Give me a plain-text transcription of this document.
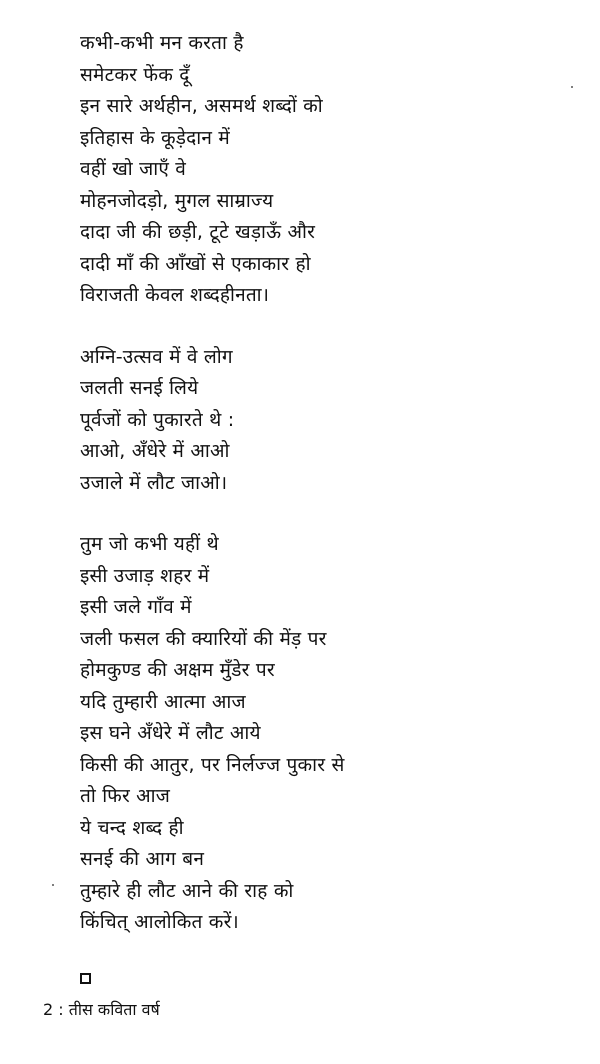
कभी-कभी मन करता है
समेटकर फेंक दूँ
इन सारे अर्थहीन, असमर्थ शब्दों को
इतिहास के कूड़ेदान में
वहीं खो जाएँ वे
मोहनजोदड़ो, मुगल साम्राज्य
दादा जी की छड़ी, टूटे खड़ाऊँ और
दादी माँ की आँखों से एकाकार हो
विराजती केवल शब्दहीनता।
अग्नि-उत्सव में वे लोग
जलती सनई लिये
पूर्वजों को पुकारते थे :
आओ, अँधेरे में आओ
उजाले में लौट जाओ।
तुम जो कभी यहीं थे
इसी उजाड़ शहर में
इसी जले गाँव में
जली फसल की क्यारियों की मेंड़ पर
होमकुण्ड की अक्षम मुँडेर पर
यदि तुम्हारी आत्मा आज
इस घने अँधेरे में लौट आये
किसी की आतुर, पर निर्लज्ज पुकार से
तो फिर आज
ये चन्द शब्द ही
सनई की आग बन
तुम्हारे ही लौट आने की राह को
किंचित् आलोकित करें।
2 : तीस कविता वर्ष
